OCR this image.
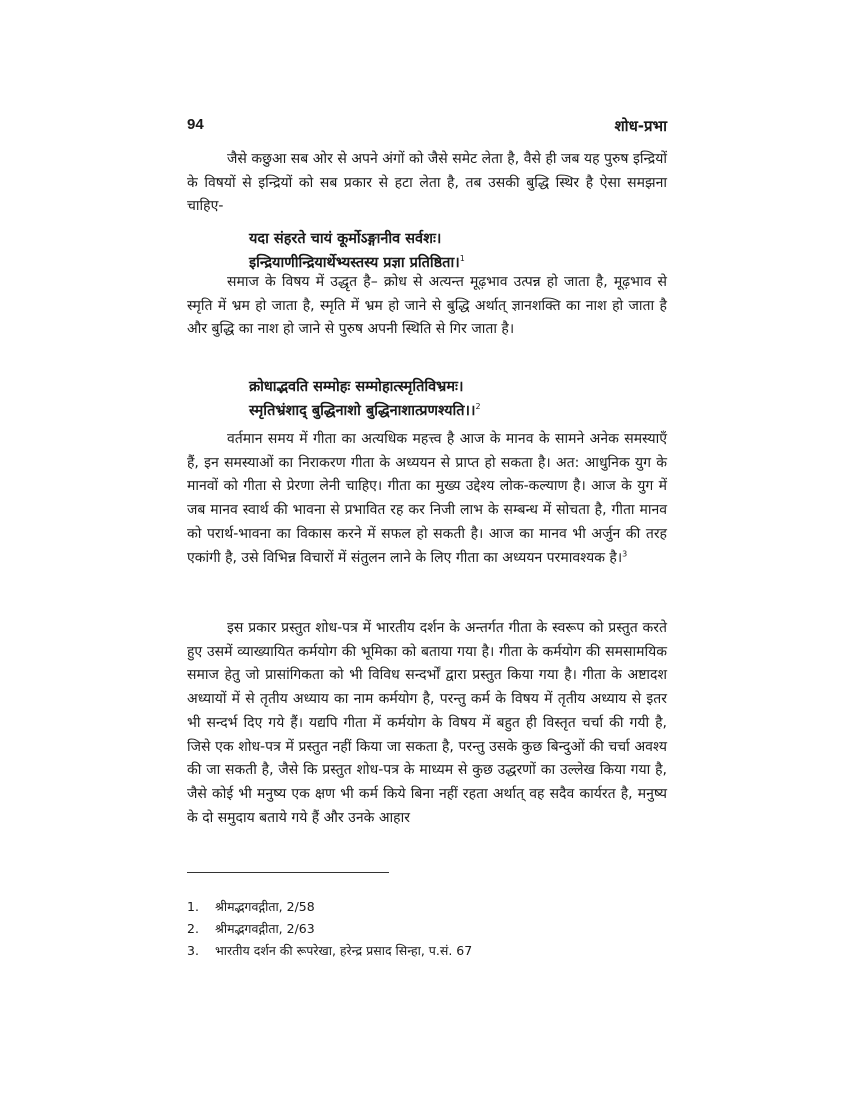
94	शोध-प्रभा

जैसे कछुआ सब ओर से अपने अंगों को जैसे समेट लेता है, वैसे ही जब यह पुरुष इन्द्रियों के विषयों से इन्द्रियों को सब प्रकार से हटा लेता है, तब उसकी बुद्धि स्थिर है ऐसा समझना चाहिए-

यदा संहरते चायं कूर्मोऽङ्गानीव सर्वशः।
इन्द्रियाणीन्द्रियार्थेभ्यस्तस्य प्रज्ञा प्रतिष्ठिता।$^1$

समाज के विषय में उद्धृत है– क्रोध से अत्यन्त मूढ़भाव उत्पन्न हो जाता है, मूढ़भाव से स्मृति में भ्रम हो जाता है, स्मृति में भ्रम हो जाने से बुद्धि अर्थात् ज्ञानशक्ति का नाश हो जाता है और बुद्धि का नाश हो जाने से पुरुष अपनी स्थिति से गिर जाता है।

क्रोधाद्भवति सम्मोहः सम्मोहात्स्मृतिविभ्रमः।
स्मृतिभ्रंशाद् बुद्धिनाशो बुद्धिनाशात्प्रणश्यति।।$^2$

वर्तमान समय में गीता का अत्यधिक महत्त्व है आज के मानव के सामने अनेक समस्याएँ हैं, इन समस्याओं का निराकरण गीता के अध्ययन से प्राप्त हो सकता है। अत: आधुनिक युग के मानवों को गीता से प्रेरणा लेनी चाहिए। गीता का मुख्य उद्देश्य लोक-कल्याण है। आज के युग में जब मानव स्वार्थ की भावना से प्रभावित रह कर निजी लाभ के सम्बन्ध में सोचता है, गीता मानव को परार्थ-भावना का विकास करने में सफल हो सकती है। आज का मानव भी अर्जुन की तरह एकांगी है, उसे विभिन्न विचारों में संतुलन लाने के लिए गीता का अध्ययन परमावश्यक है।$^3$

इस प्रकार प्रस्तुत शोध-पत्र में भारतीय दर्शन के अन्तर्गत गीता के स्वरूप को प्रस्तुत करते हुए उसमें व्याख्यायित कर्मयोग की भूमिका को बताया गया है। गीता के कर्मयोग की समसामयिक समाज हेतु जो प्रासांगिकता को भी विविध सन्दर्भों द्वारा प्रस्तुत किया गया है। गीता के अष्टादश अध्यायों में से तृतीय अध्याय का नाम कर्मयोग है, परन्तु कर्म के विषय में तृतीय अध्याय से इतर भी सन्दर्भ दिए गये हैं। यद्यपि गीता में कर्मयोग के विषय में बहुत ही विस्तृत चर्चा की गयी है, जिसे एक शोध-पत्र में प्रस्तुत नहीं किया जा सकता है, परन्तु उसके कुछ बिन्दुओं की चर्चा अवश्य की जा सकती है, जैसे कि प्रस्तुत शोध-पत्र के माध्यम से कुछ उद्धरणों का उल्लेख किया गया है, जैसे कोई भी मनुष्य एक क्षण भी कर्म किये बिना नहीं रहता अर्थात् वह सदैव कार्यरत है, मनुष्य के दो समुदाय बताये गये हैं और उनके आहार

1.	श्रीमद्भगवद्गीता, 2/58
2.	श्रीमद्भगवद्गीता, 2/63
3.	भारतीय दर्शन की रूपरेखा, हरेन्द्र प्रसाद सिन्हा, प.सं. 67
